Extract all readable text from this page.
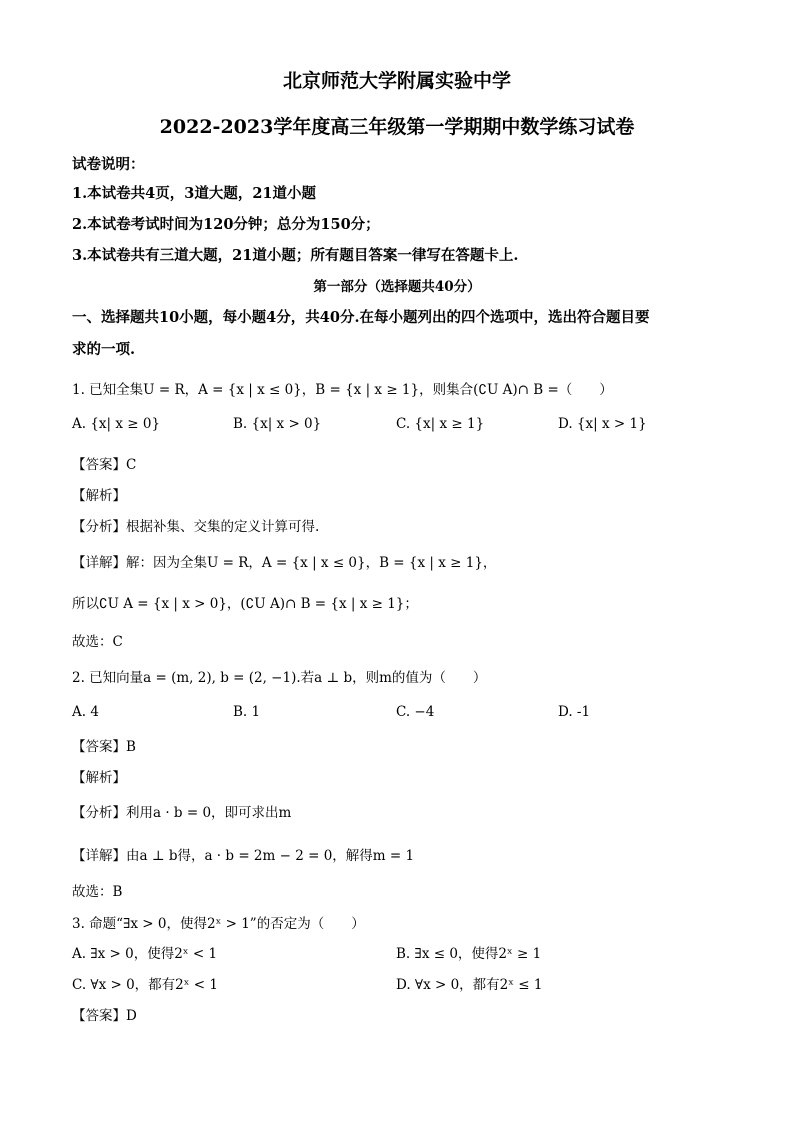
北京师范大学附属实验中学
2022-2023学年度高三年级第一学期期中数学练习试卷
试卷说明：
1.本试卷共4页，3道大题，21道小题
2.本试卷考试时间为120分钟；总分为150分；
3.本试卷共有三道大题，21道小题；所有题目答案一律写在答题卡上.
第一部分（选择题共40分）
一、选择题共10小题，每小题4分，共40分.在每小题列出的四个选项中，选出符合题目要
求的一项.
1. 已知全集U = R，A = {x | x ≤ 0}，B = {x | x ≥ 1}，则集合(∁U A)∩ B =（　　）
A. {x| x ≥ 0}	B. {x| x > 0}	C. {x| x ≥ 1}	D. {x| x > 1}
【答案】C
【解析】
【分析】根据补集、交集的定义计算可得.
【详解】解：因为全集U = R，A = {x | x ≤ 0}，B = {x | x ≥ 1}，
所以∁U A = {x | x > 0}，(∁U A)∩ B = {x | x ≥ 1}；
故选：C
2. 已知向量a = (m, 2), b = (2, −1).若a ⊥ b，则m的值为（　　）
A. 4	B. 1	C. −4	D. -1
【答案】B
【解析】
【分析】利用a · b = 0，即可求出m
【详解】由a ⊥ b得，a · b = 2m − 2 = 0，解得m = 1
故选：B
3. 命题“∃x > 0，使得2ˣ > 1”的否定为（　　）
A. ∃x > 0，使得2ˣ < 1	B. ∃x ≤ 0，使得2ˣ ≥ 1
C. ∀x > 0，都有2ˣ < 1	D. ∀x > 0，都有2ˣ ≤ 1
【答案】D
